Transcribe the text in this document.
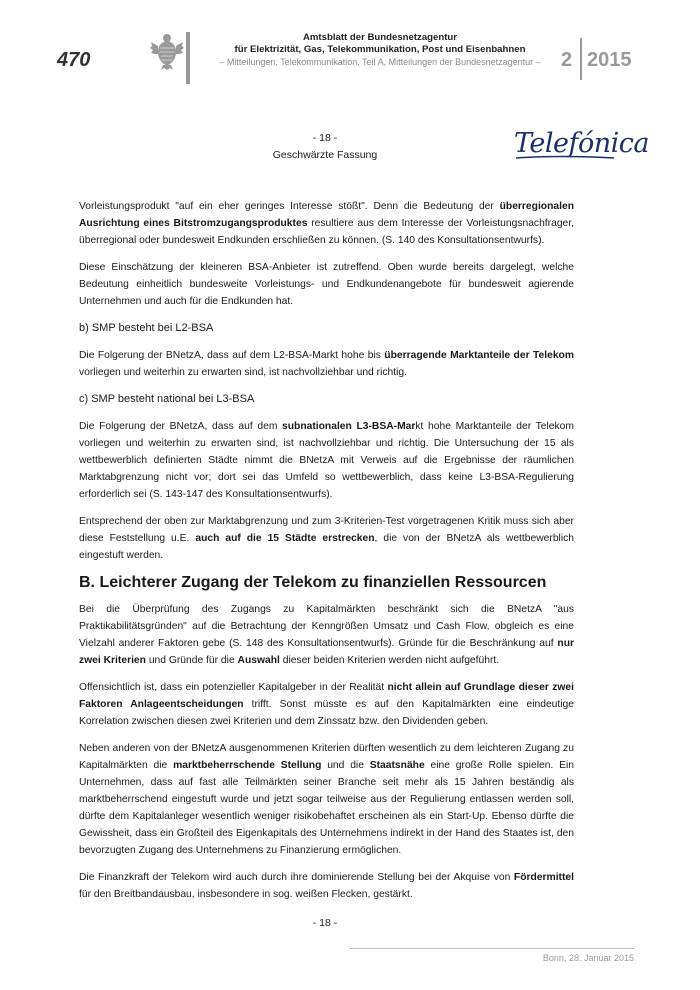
470
Amtsblatt der Bundesnetzagentur
für Elektrizität, Gas, Telekommunikation, Post und Eisenbahnen
– Mitteilungen, Telekommunikation, Teil A, Mitteilungen der Bundesnetzagentur –	2 2015
- 18 -
Geschwärzte Fassung	Telefónica

Vorleistungsprodukt "auf ein eher geringes Interesse stößt". Denn die Bedeutung der überregionalen Ausrichtung eines Bitstromzugangsproduktes resultiere aus dem Interesse der Vorleistungsnachfrager, überregional oder bundesweit Endkunden erschließen zu können. (S. 140 des Konsultationsentwurfs).

Diese Einschätzung der kleineren BSA-Anbieter ist zutreffend. Oben wurde bereits dargelegt, welche Bedeutung einheitlich bundesweite Vorleistungs- und Endkundenangebote für bundesweit agierende Unternehmen und auch für die Endkunden hat.

b) SMP besteht bei L2-BSA

Die Folgerung der BNetzA, dass auf dem L2-BSA-Markt hohe bis überragende Marktanteile der Telekom vorliegen und weiterhin zu erwarten sind, ist nachvollziehbar und richtig.

c) SMP besteht national bei L3-BSA

Die Folgerung der BNetzA, dass auf dem subnationalen L3-BSA-Markt hohe Marktanteile der Telekom vorliegen und weiterhin zu erwarten sind, ist nachvollziehbar und richtig. Die Untersuchung der 15 als wettbewerblich definierten Städte nimmt die BNetzA mit Verweis auf die Ergebnisse der räumlichen Marktabgrenzung nicht vor; dort sei das Umfeld so wettbewerblich, dass keine L3-BSA-Regulierung erforderlich sei (S. 143-147 des Konsultationsentwurfs).

Entsprechend der oben zur Marktabgrenzung und zum 3-Kriterien-Test vorgetragenen Kritik muss sich aber diese Feststellung u.E. auch auf die 15 Städte erstrecken, die von der BNetzA als wettbewerblich eingestuft werden.

B. Leichterer Zugang der Telekom zu finanziellen Ressourcen

Bei die Überprüfung des Zugangs zu Kapitalmärkten beschränkt sich die BNetzA "aus Praktikabilitätsgründen" auf die Betrachtung der Kenngrößen Umsatz und Cash Flow, obgleich es eine Vielzahl anderer Faktoren gebe (S. 148 des Konsultationsentwurfs). Gründe für die Beschränkung auf nur zwei Kriterien und Gründe für die Auswahl dieser beiden Kriterien werden nicht aufgeführt.

Offensichtlich ist, dass ein potenzieller Kapitalgeber in der Realität nicht allein auf Grundlage dieser zwei Faktoren Anlageentscheidungen trifft. Sonst müsste es auf den Kapitalmärkten eine eindeutige Korrelation zwischen diesen zwei Kriterien und dem Zinssatz bzw. den Dividenden geben.

Neben anderen von der BNetzA ausgenommenen Kriterien dürften wesentlich zu dem leichteren Zugang zu Kapitalmärkten die marktbeherrschende Stellung und die Staatsnähe eine große Rolle spielen. Ein Unternehmen, dass auf fast alle Teilmärkten seiner Branche seit mehr als 15 Jahren beständig als marktbeherrschend eingestuft wurde und jetzt sogar teilweise aus der Regulierung entlassen werden soll, dürfte dem Kapitalanleger wesentlich weniger risikobehaftet erscheinen als ein Start-Up. Ebenso dürfte die Gewissheit, dass ein Großteil des Eigenkapitals des Unternehmens indirekt in der Hand des Staates ist, den bevorzugten Zugang des Unternehmens zu Finanzierung ermöglichen.

Die Finanzkraft der Telekom wird auch durch ihre dominierende Stellung bei der Akquise von Fördermittel für den Breitbandausbau, insbesondere in sog. weißen Flecken, gestärkt.

- 18 -
Bonn, 28. Januar 2015
